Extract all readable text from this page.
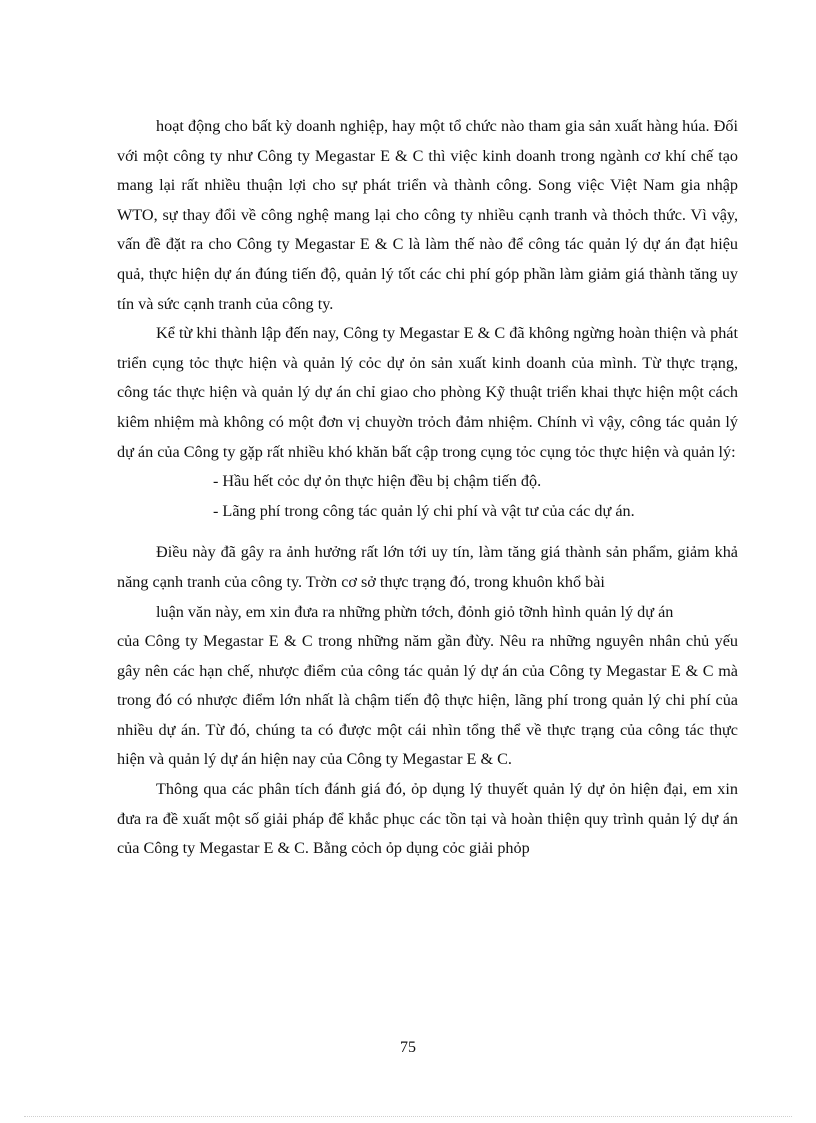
hoạt động cho bất kỳ doanh nghiệp, hay một tổ chức nào tham gia sản xuất hàng húa. Đối với một công ty như Công ty Megastar E & C thì việc kinh doanh trong ngành cơ khí chế tạo mang lại rất nhiều thuận lợi cho sự phát triển và thành công. Song việc Việt Nam gia nhập WTO, sự thay đổi về công nghệ mang lại cho công ty nhiều cạnh tranh và thỏch thức. Vì vậy, vấn đề đặt ra cho Công ty Megastar E & C là làm thế nào để công tác quản lý dự án đạt hiệu quả, thực hiện dự án đúng tiến độ, quản lý tốt các chi phí góp phần làm giảm giá thành tăng uy tín và sức cạnh tranh của công ty.

Kể từ khi thành lập đến nay, Công ty Megastar E & C đã không ngừng hoàn thiện và phát triển cụng tỏc thực hiện và quản lý cỏc dự ỏn sản xuất kinh doanh của mình. Từ thực trạng, công tác thực hiện và quản lý dự án chỉ giao cho phòng Kỹ thuật triển khai thực hiện một cách kiêm nhiệm mà không có một đơn vị chuyờn trỏch đảm nhiệm. Chính vì vậy, công tác quản lý dự án của Công ty gặp rất nhiều khó khăn bất cập trong cụng tỏc cụng tỏc thực hiện và quản lý:

- Hầu hết cỏc dự ỏn thực hiện đều bị chậm tiến độ.

- Lãng phí trong công tác quản lý chi phí và vật tư của các dự án.

Điều này đã gây ra ảnh hưởng rất lớn tới uy tín, làm tăng giá thành sản phẩm, giảm khả năng cạnh tranh của công ty. Trờn cơ sở thực trạng đó, trong khuôn khổ bài

luận văn này, em xin đưa ra những phừn tớch, đỏnh giỏ tỡnh hình quản lý dự án

của Công ty Megastar E & C trong những năm gần đừy. Nêu ra những nguyên nhân chủ yếu gây nên các hạn chế, nhược điểm của công tác quản lý dự án của Công ty Megastar E & C mà trong đó có nhược điểm lớn nhất là chậm tiến độ thực hiện, lãng phí trong quản lý chi phí của nhiều dự án. Từ đó, chúng ta có được một cái nhìn tổng thể về thực trạng của công tác thực hiện và quản lý dự án hiện nay của Công ty Megastar E & C.

Thông qua các phân tích đánh giá đó, ỏp dụng lý thuyết quản lý dự ỏn hiện đại, em xin đưa ra đề xuất một số giải pháp để khắc phục các tồn tại và hoàn thiện quy trình quản lý dự án của Công ty Megastar E & C. Bằng cỏch ỏp dụng cỏc giải phỏp

75
